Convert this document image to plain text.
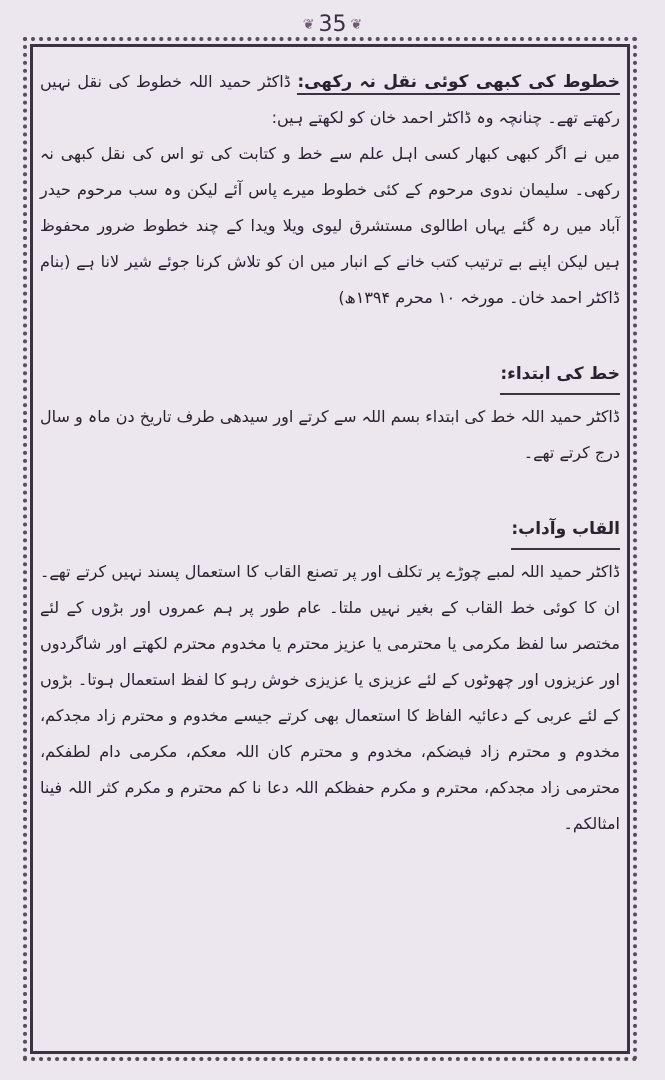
❦ 35 ❦

خطوط کی کبھی کوئی نقل نہ رکھی: ڈاکٹر حمید اللہ خطوط کی نقل نہیں رکھتے تھے۔ چنانچہ وہ ڈاکٹر احمد خان کو لکھتے ہیں:

میں نے اگر کبھی کبھار کسی اہل علم سے خط و کتابت کی تو اس کی نقل کبھی نہ رکھی۔ سلیمان ندوی مرحوم کے کئی خطوط میرے پاس آئے لیکن وہ سب مرحوم حیدر آباد میں رہ گئے یہاں اطالوی مستشرق لیوی ویلا ویدا کے چند خطوط ضرور محفوظ ہیں لیکن اپنے بے ترتیب کتب خانے کے انبار میں ان کو تلاش کرنا جوئے شیر لانا ہے (بنام ڈاکٹر احمد خان۔ مورخہ ۱۰ محرم ۱۳۹۴ھ)

خط کی ابتداء:

ڈاکٹر حمید اللہ خط کی ابتداء بسم اللہ سے کرتے اور سیدھی طرف تاریخ دن ماہ و سال درج کرتے تھے۔

القاب وآداب:

ڈاکٹر حمید اللہ لمبے چوڑے پر تکلف اور پر تصنع القاب کا استعمال پسند نہیں کرتے تھے۔ ان کا کوئی خط القاب کے بغیر نہیں ملتا۔ عام طور پر ہم عمروں اور بڑوں کے لئے مختصر سا لفظ مکرمی یا محترمی یا عزیز محترم یا مخدوم محترم لکھتے اور شاگردوں اور عزیزوں اور چھوٹوں کے لئے عزیزی یا عزیزی خوش رہو کا لفظ استعمال ہوتا۔ بڑوں کے لئے عربی کے دعائیہ الفاظ کا استعمال بھی کرتے جیسے مخدوم و محترم زاد مجدکم، مخدوم و محترم زاد فیضکم، مخدوم و محترم کان اللہ معکم، مکرمی دام لطفکم، محترمی زاد مجدکم، محترم و مکرم حفظکم اللہ دعا نا کم محترم و مکرم کثر اللہ فینا امثالکم۔
